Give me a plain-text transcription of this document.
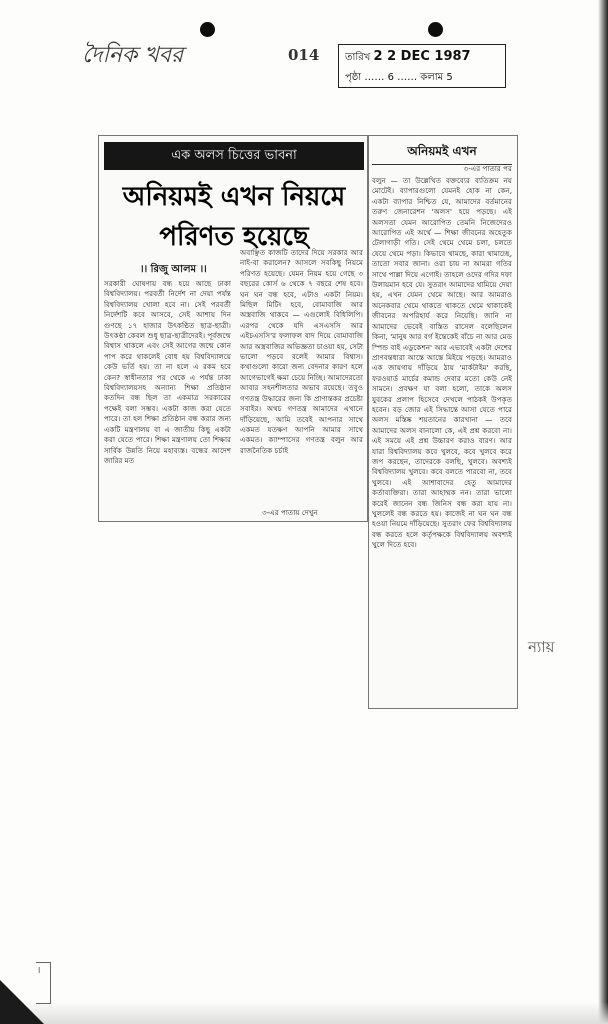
দৈনিক খবর	014	তারিখ 2 2 DEC 1987
পৃষ্ঠা …… 6 …… কলাম 5
এক অলস চিত্তের ভাবনা
অনিয়মই এখন নিয়মে
পরিণত হয়েছে
।। রিজু আলম ।।
সরকারী ঘোষণায় বন্ধ হয়ে আছে ঢাকা বিশ্ববিদ্যালয়। পরবর্তী নির্দেশ না দেয়া পর্যন্ত বিশ্ববিদ্যালয় খোলা হবে না। সেই পরবর্তী নির্দেশটি কবে আসবে, সেই আশায় দিন গুণছে ১৭ হাজার উৎকণ্ঠিত ছাত্র-ছাত্রী। উৎকণ্ঠা কেবল শুধু ছাত্র-ছাত্রীদেরই। পূর্বজন্মে বিশ্বাস থাকলে এবং সেই আগের জন্মে কোন পাপ করে থাকলেই বোধ হয় বিশ্ববিদ্যালয়ে কেউ ভর্তি হয়। তা না হলে এ রকম হবে কেন? স্বাধীনতার পর থেকে এ পর্যন্ত ঢাকা বিশ্ববিদ্যালয়সহ অন্যান্য শিক্ষা প্রতিষ্ঠান কতদিন বন্ধ ছিল তা একমাত্র সরকারের পক্ষেই বলা সম্ভব। একটা কাজ করা যেতে পারে। তা হল শিক্ষা প্রতিষ্ঠান বন্ধ করার জন্য একটি মন্ত্রণালয় বা এ জাতীয় কিছু একটা করা যেতে পারে। শিক্ষা মন্ত্রণালয় তো শিক্ষার সার্বিক উন্নতি নিয়ে মহাব্যস্ত। বন্ধের আদেশ জারির মত
অবাঞ্ছিত কাজটি তাদের দিয়ে সরকার আর নাই-বা করালেন? আসলে সবকিছু নিয়মে পরিণত হয়েছে। যেমন নিয়ম হয়ে গেছে ৩ বছরের কোর্স ৬ থেকে ৭ বছরে শেষ হবে। ঘন ঘন বন্ধ হবে, এটাও একটা নিয়ম। মিছিল মিটিং হবে, বোমাবাজি আর অস্ত্রবাজি থাকবে — এগুলোই বিধিলিপি। এরপর থেকে যদি এসএসসি আর এইচএসসি'র ফলাফল বাদ দিয়ে বোমাবাজি আর অস্ত্রবাজির অভিজ্ঞতা চাওয়া হয়, সেটা ভালো পড়বে বলেই আমার বিশ্বাস। কথাগুলো কারো জন্য বেদনার কারণ হলে আগেভাগেই ক্ষমা চেয়ে নিচ্ছি। আমাদেরতো আবার সহনশীলতার অভাব রয়েছে। তবুও গণতন্ত্র উদ্ধারের জন্য কি প্রাণান্তকর প্রচেষ্টা সবাইর। অথচ গণতন্ত্র আমাদের এখানে দাঁড়িয়েছে, আমি তবেই আপনার সাথে একমত যতক্ষণ আপনি আমার সাথে একমত। ক্যাম্পাসের গণতন্ত্র বলুন আর রাজনৈতিক চর্চাই
৩-এর পাতায় দেখুন
অনিয়মই এখন
৩-এর পাতার পর
বলুন — তা উল্লেখিত বক্তব্যের ব্যতিক্রম নয় মোটেই। ব্যাপারগুলো যেমনই হোক না কেন, একটা ব্যাপার নিশ্চিত যে, আমাদের বর্তমানের তরুণ জেনারেশন 'অলস' হয়ে পড়ছে। এই অলসতা যেমন আরোপিত তেমনি নিজেদেরও আরোপিত এই অর্থে — শিক্ষা জীবনের অহেতুক টেলাগাড়ী গতি। সেই থেমে থেমে চলা, চলতে যেয়ে থেমে পড়া। কিভাবে থামছে, কারা থামাচ্ছে, তাতো সবার জানা। ওরা চায় না আমরা গতির সাথে পাল্লা দিয়ে এগোই। তাহলে ওদের গদির দফা উলায়মান হবে যে। সুতরাং আমাদের থামিয়ে দেয়া হয়, এখন যেমন থেমে আছে। আর আমরাও অনেকবার থেমে থাকতে থাকতে থেমে থাকাকেই জীবনের অপরিহার্য করে নিয়েছি। জানি না আমাদের ভেবেই বাস্তিত রাসেল বলেছিলেন কিনা, 'মানুষ আর বর্গ ইন্তেকেই বাঁচে না আর মেড স্পিন্ড বাই এডুকেশন' আর এভাবেই একটা দেশের প্রাণবন্তধারা আস্তে আস্তে মিইয়ে পড়ছে। আমরাও এক জায়গায় দাঁড়িয়ে ঠায় 'মার্কটাইম' করছি, ফরওয়ার্ড মার্চের কমান্ড দেবার মতো কেউ নেই সামনে। প্রবক্ষণ যা বলা হলো, তাকে অলস যুবকের প্রলাপ হিসেবে দেখলে পাঠকই উপকৃত হবেন। বড় জোর এই সিদ্ধান্তে আসা যেতে পারে অলস মস্তিষ্ক শয়তানের কারখানা — তবে আমাদের অলস বানালো কে, এই প্রশ্ন করবো না। এই সময়ে এই প্রশ্ন উচ্চারণ করাও বারণ। আর যারা বিশ্ববিদ্যালয় কবে খুলবে, কবে খুলবে করে জপ করছেন, তাদেরকে বলছি, খুলবে। অবশ্যই বিশ্ববিদ্যালয় খুলবে। কবে বলতে পারবো না, তবে খুলবে। এই আশাবাদের হেতু আমাদের কর্তাব্যক্তিরা। তারা আহাম্মক নন। তারা ভালো করেই জানেন বন্ধ জিনিস বন্ধ করা যায় না। খুললেই বন্ধ করতে হয়। কাজেই না ঘন ঘন বন্ধ হওয়া নিয়মে দাঁড়িয়েছে। সুতরাং ফের বিশ্ববিদ্যালয় বন্ধ করতে হলে কর্তৃপক্ষকে বিশ্ববিদ্যালয় অবশ্যই খুলে দিতে হবে।
ন্যায়
I
